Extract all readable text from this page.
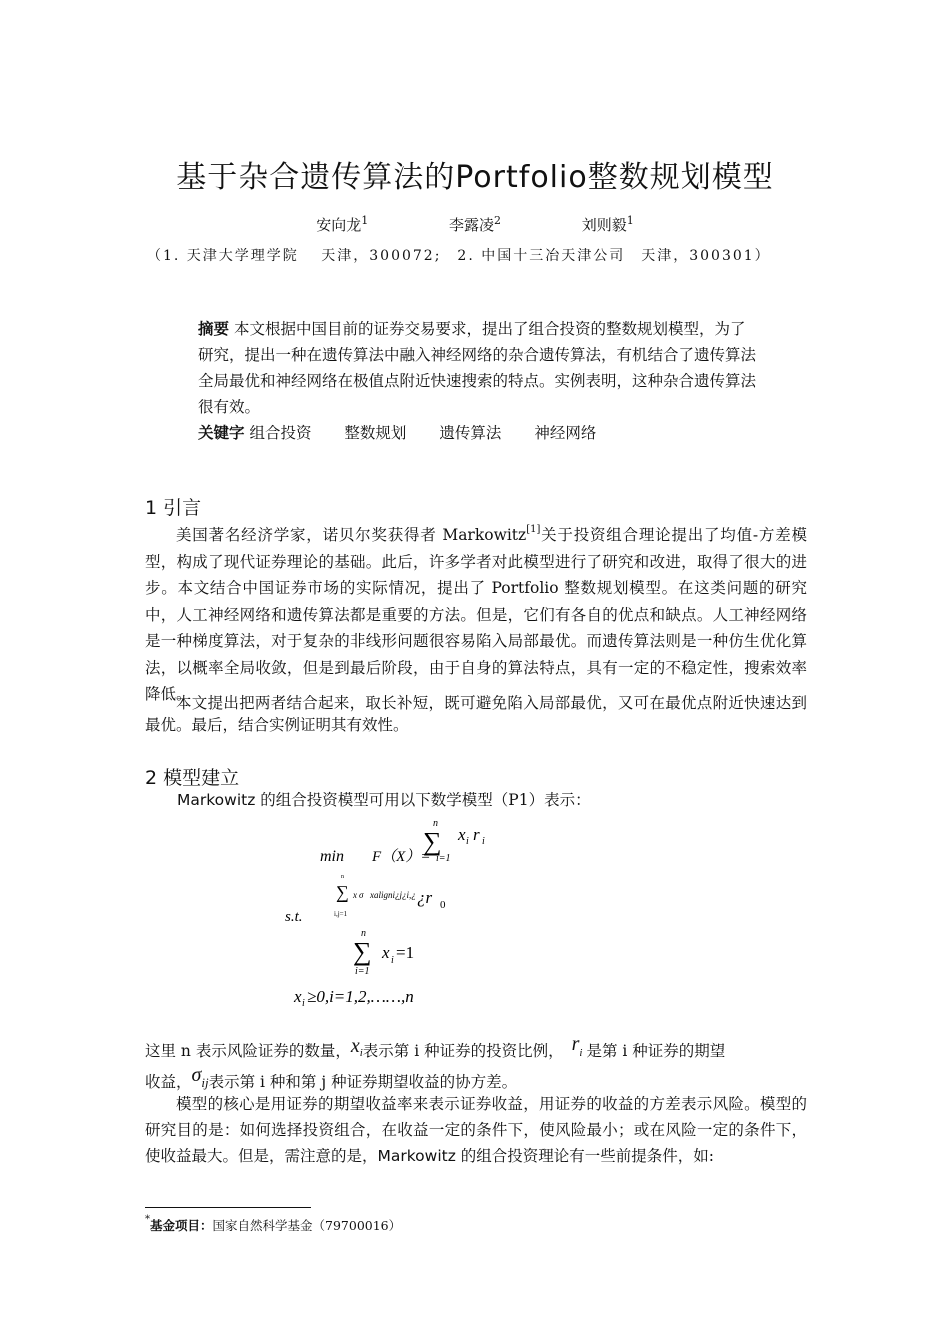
基于杂合遗传算法的Portfolio整数规划模型
安向龙$^1$	李露凌$^2$	刘则毅$^1$
（1. 天津大学理学院　 天津，300072;　2. 中国十三冶天津公司　天津，300301）
摘要 本文根据中国目前的证券交易要求，提出了组合投资的整数规划模型，为了研究，提出一种在遗传算法中融入神经网络的杂合遗传算法，有机结合了遗传算法全局最优和神经网络在极值点附近快速搜索的特点。实例表明，这种杂合遗传算法很有效。
关键字 组合投资 整数规划 遗传算法 神经网络
1 引言
美国著名经济学家，诺贝尔奖获得者 Markowitz[1]关于投资组合理论提出了均值-方差模型，构成了现代证券理论的基础。此后，许多学者对此模型进行了研究和改进，取得了很大的进步。本文结合中国证券市场的实际情况，提出了 Portfolio 整数规划模型。在这类问题的研究中，人工神经网络和遗传算法都是重要的方法。但是，它们有各自的优点和缺点。人工神经网络是一种梯度算法，对于复杂的非线形问题很容易陷入局部最优。而遗传算法则是一种仿生优化算法，以概率全局收敛，但是到最后阶段，由于自身的算法特点，具有一定的不稳定性，搜索效率降低。
本文提出把两者结合起来，取长补短，既可避免陷入局部最优，又可在最优点附近快速达到最优。最后，结合实例证明其有效性。
2 模型建立
Markowitz 的组合投资模型可用以下数学模型（P1）表示：
n
∑ x i r i
min F（X）= i=1
s.t.
n
∑
i,j=1
x σ xaligni¿j¿i,¿ ¿r 0
n
∑ x i =1
i=1
x i ≥0,i=1,2,……,n
这里 n 表示风险证券的数量，xi表示第 i 种证券的投资比例， ri 是第 i 种证券的期望
收益，σij表示第 i 种和第 j 种证券期望收益的协方差。
模型的核心是用证券的期望收益率来表示证券收益，用证券的收益的方差表示风险。模型的研究目的是：如何选择投资组合，在收益一定的条件下，使风险最小；或在风险一定的条件下，使收益最大。但是，需注意的是，Markowitz 的组合投资理论有一些前提条件，如:
*基金项目：国家自然科学基金（79700016）
